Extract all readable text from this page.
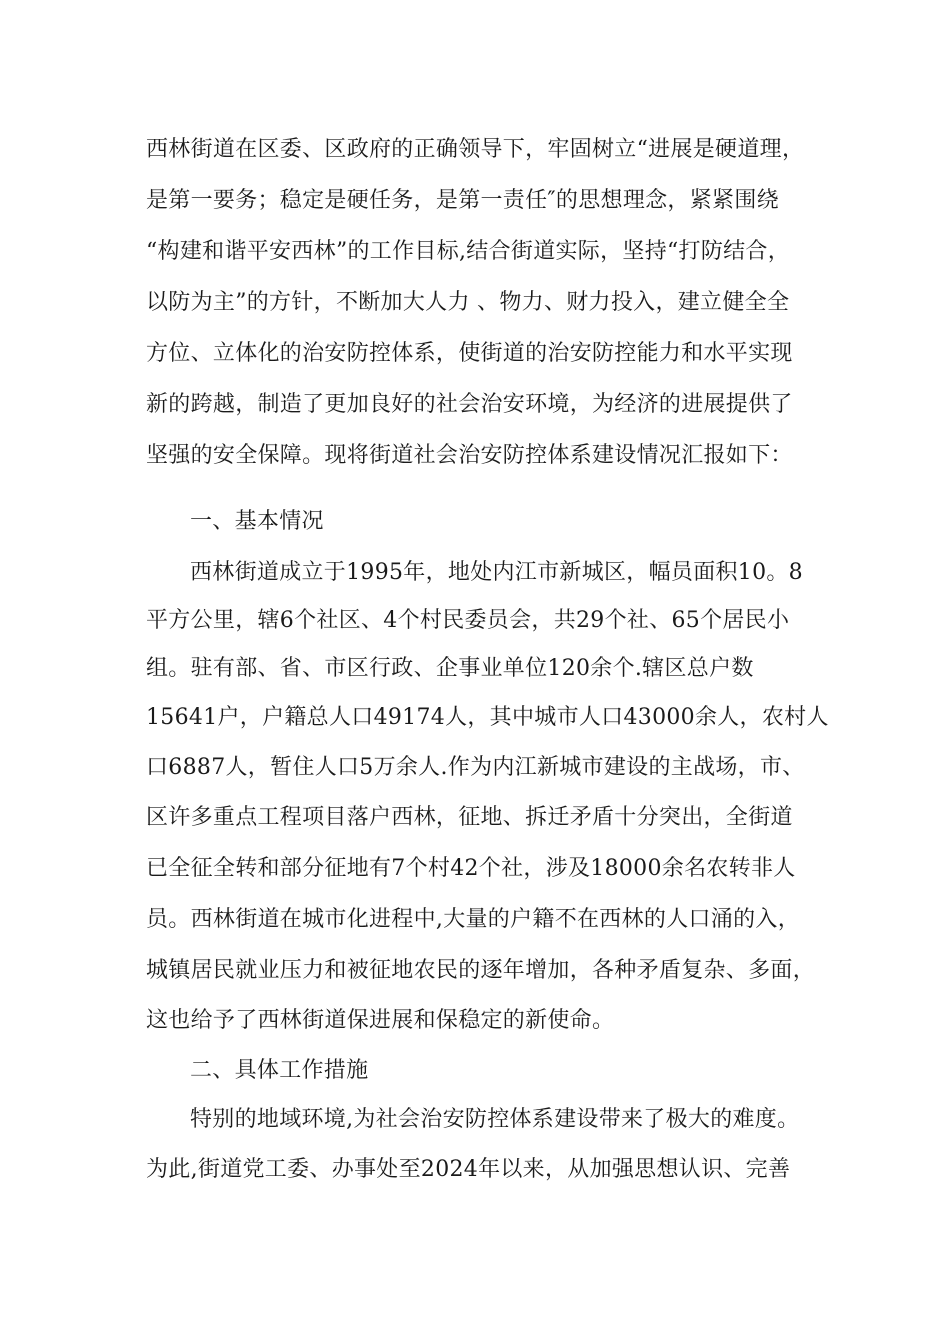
西林街道在区委、区政府的正确领导下，牢固树立“进展是硬道理，
是第一要务；稳定是硬任务，是第一责任″的思想理念，紧紧围绕
“构建和谐平安西林”的工作目标,结合街道实际，坚持“打防结合，
以防为主”的方针，不断加大人力 、物力、财力投入，建立健全全
方位、立体化的治安防控体系，使街道的治安防控能力和水平实现
新的跨越，制造了更加良好的社会治安环境，为经济的进展提供了
坚强的安全保障。现将街道社会治安防控体系建设情况汇报如下：
一、基本情况
西林街道成立于1995年，地处内江市新城区，幅员面积10。8
平方公里，辖6个社区、4个村民委员会，共29个社、65个居民小
组。驻有部、省、市区行政、企事业单位120余个.辖区总户数
15641户，户籍总人口49174人，其中城市人口43000余人，农村人
口6887人，暂住人口5万余人.作为内江新城市建设的主战场，市、
区许多重点工程项目落户西林，征地、拆迁矛盾十分突出，全街道
已全征全转和部分征地有7个村42个社，涉及18000余名农转非人
员。西林街道在城市化进程中,大量的户籍不在西林的人口涌的入，
城镇居民就业压力和被征地农民的逐年增加，各种矛盾复杂、多面，
这也给予了西林街道保进展和保稳定的新使命。
二、具体工作措施
特别的地域环境,为社会治安防控体系建设带来了极大的难度。
为此,街道党工委、办事处至2024年以来，从加强思想认识、完善
